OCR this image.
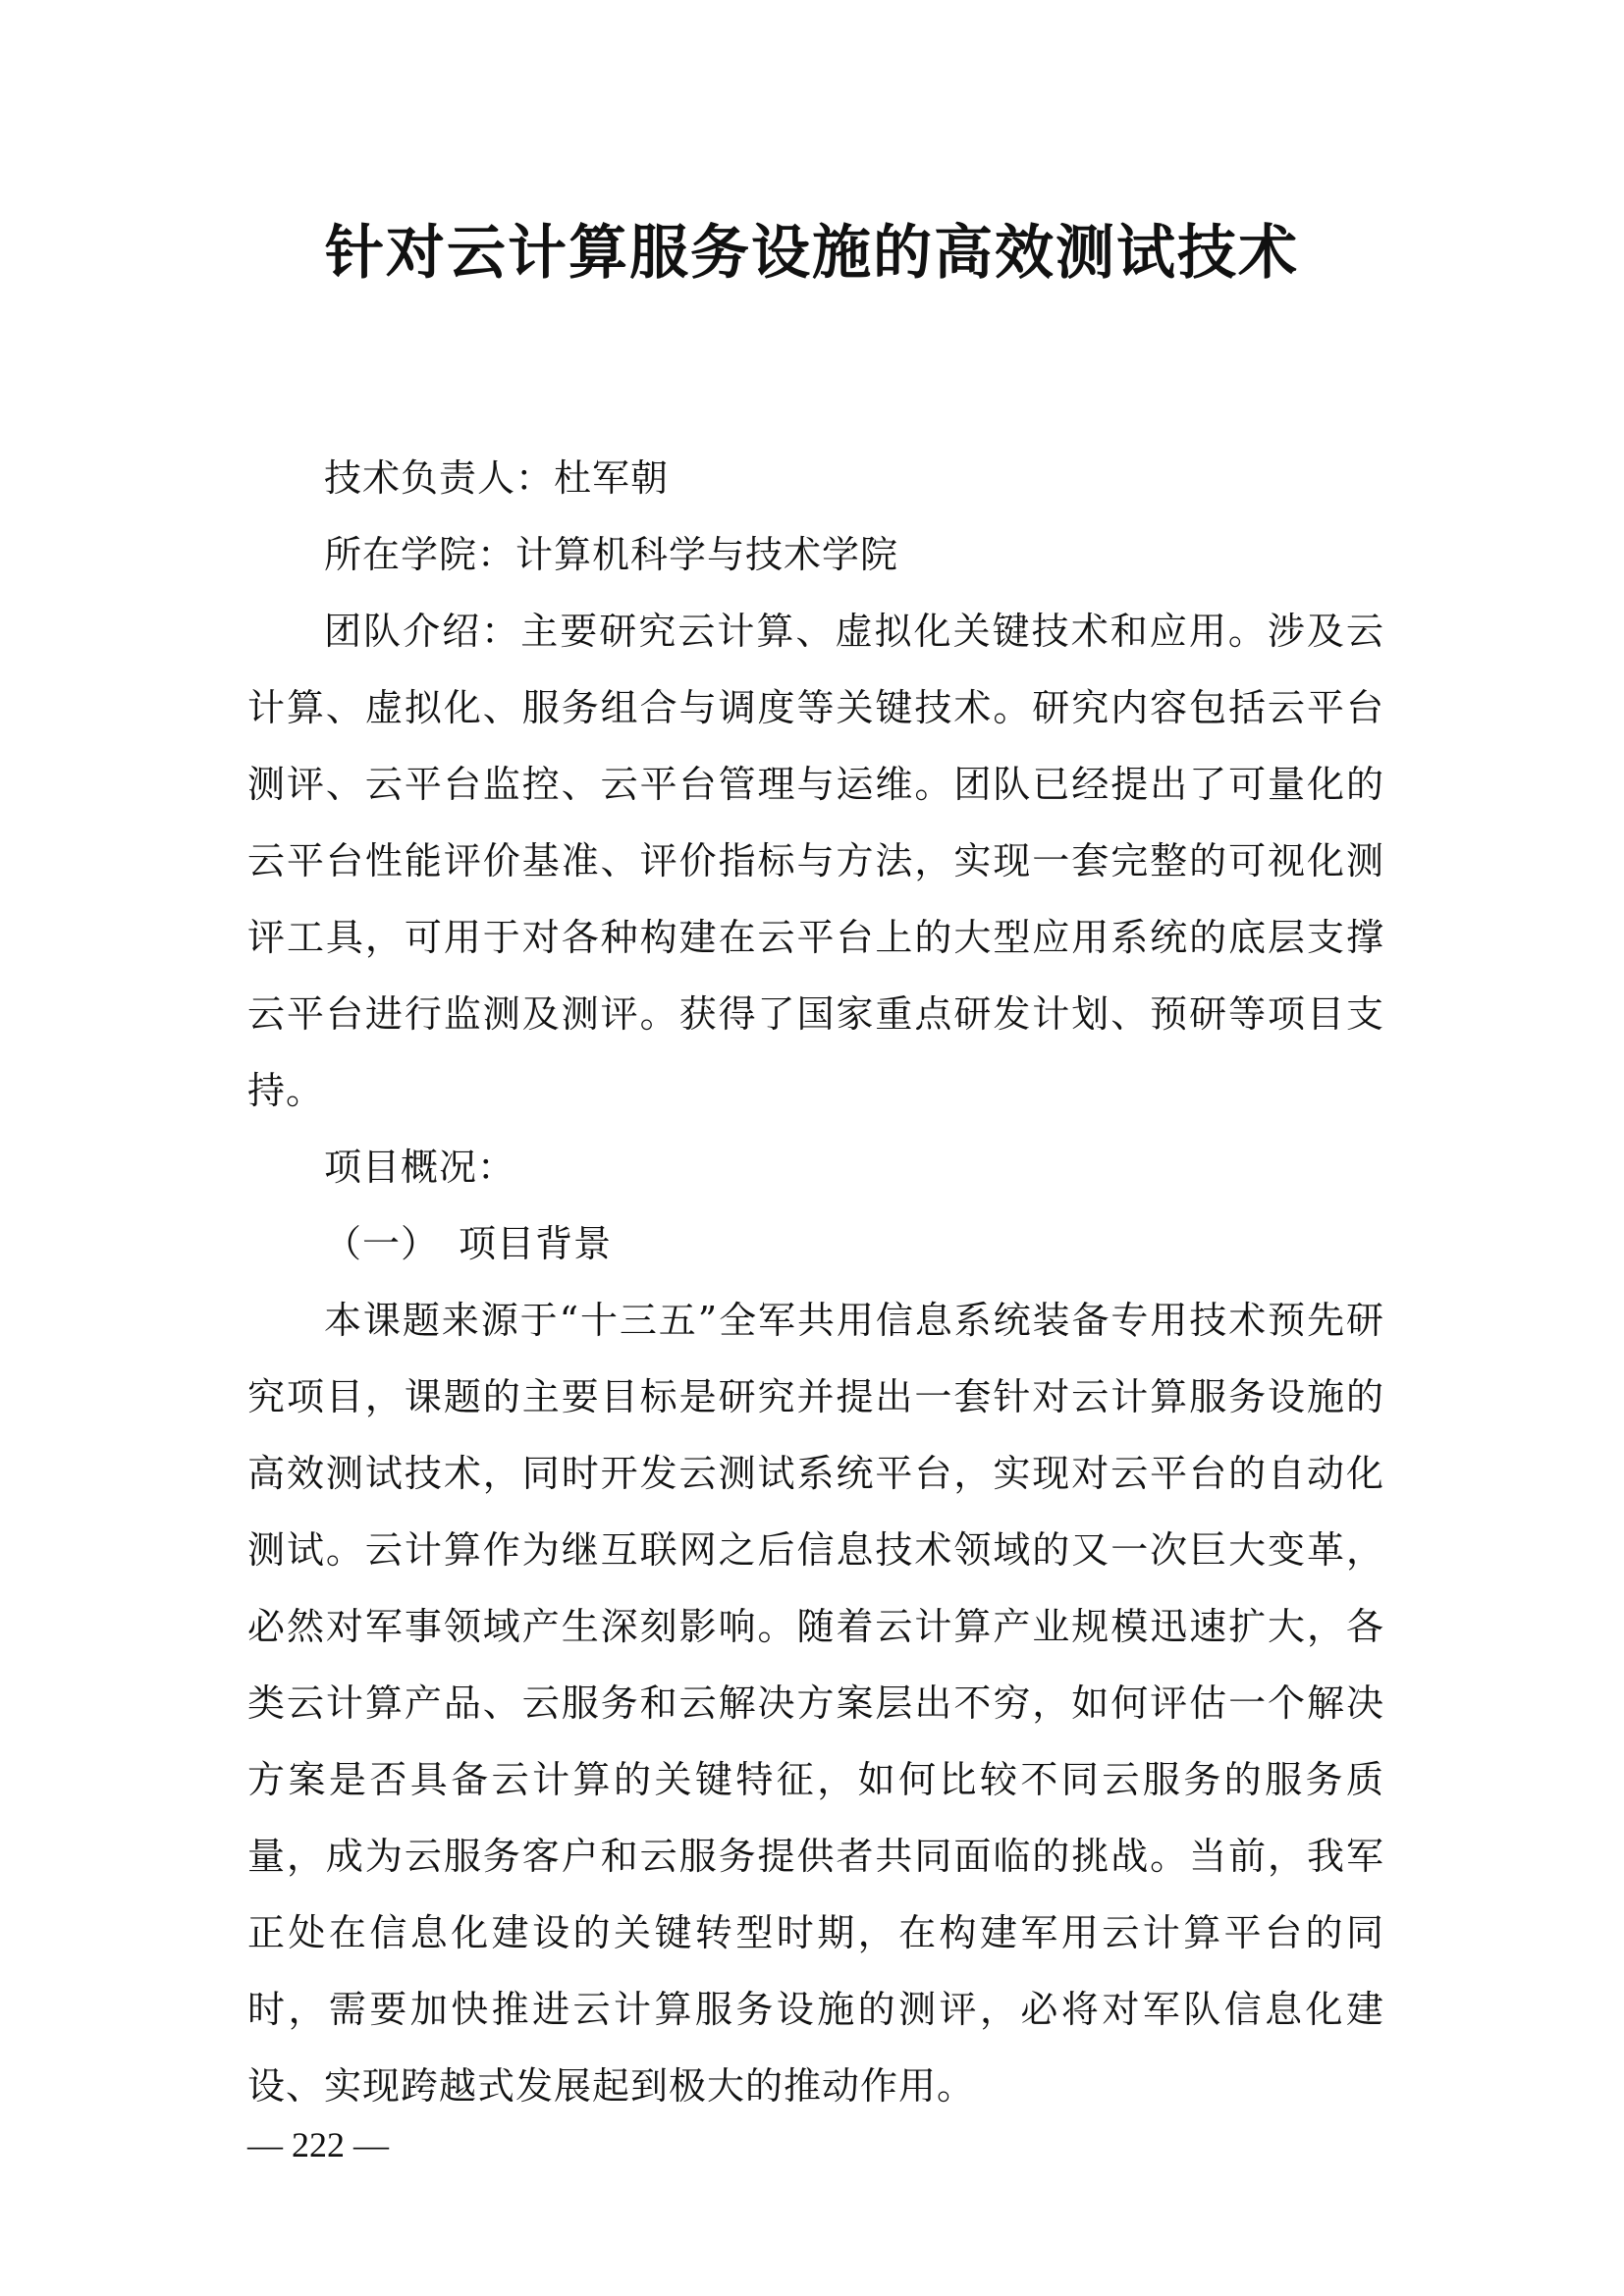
针对云计算服务设施的高效测试技术

技术负责人：杜军朝

所在学院：计算机科学与技术学院

团队介绍：主要研究云计算、虚拟化关键技术和应用。涉及云计算、虚拟化、服务组合与调度等关键技术。研究内容包括云平台测评、云平台监控、云平台管理与运维。团队已经提出了可量化的云平台性能评价基准、评价指标与方法，实现一套完整的可视化测评工具，可用于对各种构建在云平台上的大型应用系统的底层支撑云平台进行监测及测评。获得了国家重点研发计划、预研等项目支持。

项目概况：

（一）　项目背景

本课题来源于“十三五”全军共用信息系统装备专用技术预先研究项目，课题的主要目标是研究并提出一套针对云计算服务设施的高效测试技术，同时开发云测试系统平台，实现对云平台的自动化测试。云计算作为继互联网之后信息技术领域的又一次巨大变革，必然对军事领域产生深刻影响。随着云计算产业规模迅速扩大，各类云计算产品、云服务和云解决方案层出不穷，如何评估一个解决方案是否具备云计算的关键特征，如何比较不同云服务的服务质量，成为云服务客户和云服务提供者共同面临的挑战。当前，我军正处在信息化建设的关键转型时期，在构建军用云计算平台的同时，需要加快推进云计算服务设施的测评，必将对军队信息化建设、实现跨越式发展起到极大的推动作用。

— 222 —
